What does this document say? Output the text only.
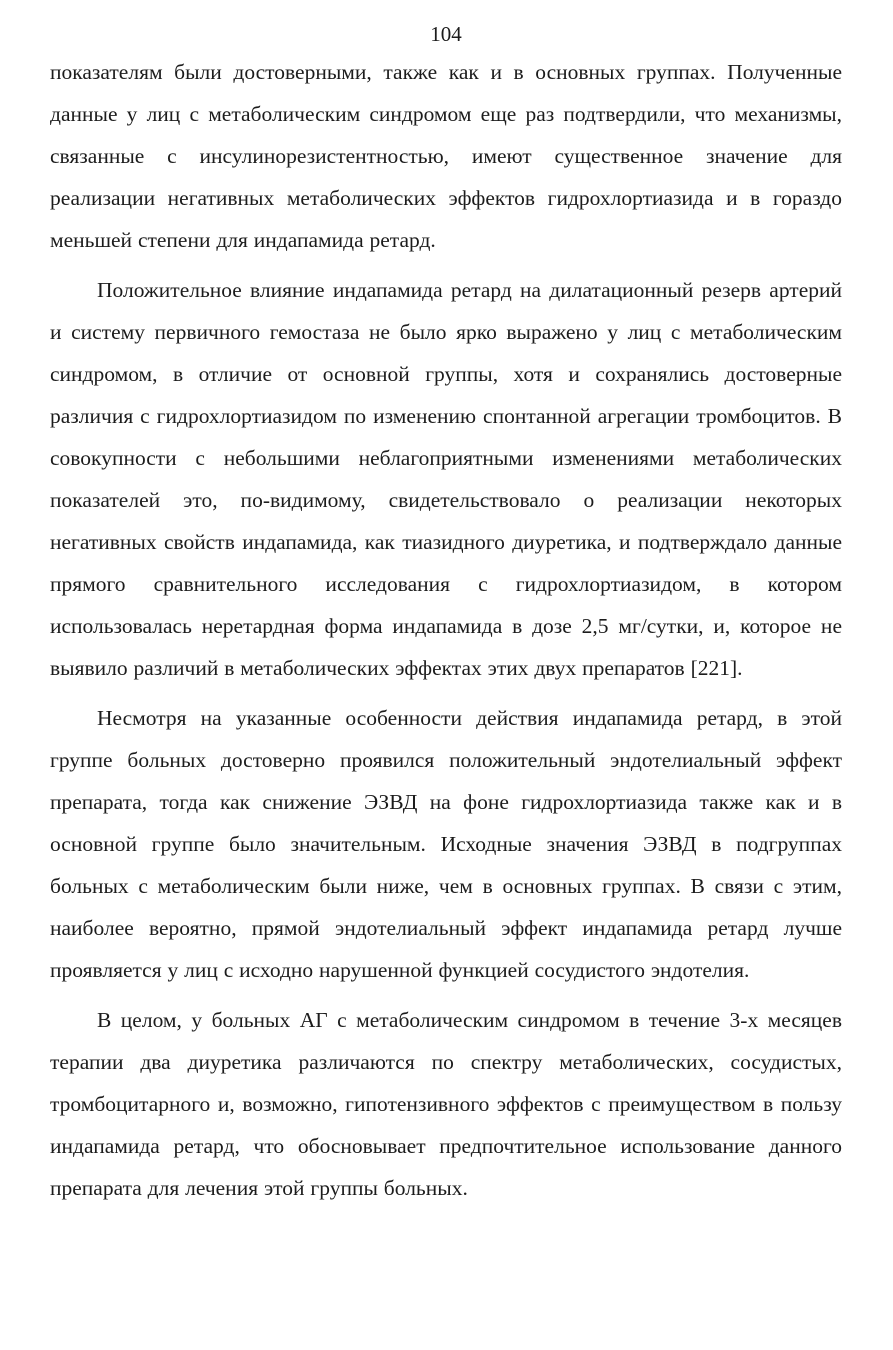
104

показателям были достоверными, также как и в основных группах. Полученные данные у лиц с метаболическим синдромом еще раз подтвердили, что механизмы, связанные с инсулинорезистентностью, имеют существенное значение для реализации негативных метаболических эффектов гидрохлортиазида и в гораздо меньшей степени для индапамида ретард.

Положительное влияние индапамида ретард на дилатационный резерв артерий и систему первичного гемостаза не было ярко выражено у лиц с метаболическим синдромом, в отличие от основной группы, хотя и сохранялись достоверные различия с гидрохлортиазидом по изменению спонтанной агрегации тромбоцитов. В совокупности с небольшими неблагоприятными изменениями метаболических показателей это, по-видимому, свидетельствовало о реализации некоторых негативных свойств индапамида, как тиазидного диуретика, и подтверждало данные прямого сравнительного исследования с гидрохлортиазидом, в котором использовалась неретардная форма индапамида в дозе 2,5 мг/сутки, и, которое не выявило различий в метаболических эффектах этих двух препаратов [221].

Несмотря на указанные особенности действия индапамида ретард, в этой группе больных достоверно проявился положительный эндотелиальный эффект препарата, тогда как снижение ЭЗВД на фоне гидрохлортиазида также как и в основной группе было значительным. Исходные значения ЭЗВД в подгруппах больных с метаболическим были ниже, чем в основных группах. В связи с этим, наиболее вероятно, прямой эндотелиальный эффект индапамида ретард лучше проявляется у лиц с исходно нарушенной функцией сосудистого эндотелия.

В целом, у больных АГ с метаболическим синдромом в течение 3-х месяцев терапии два диуретика различаются по спектру метаболических, сосудистых, тромбоцитарного и, возможно, гипотензивного эффектов с преимуществом в пользу индапамида ретард, что обосновывает предпочтительное использование данного препарата для лечения этой группы больных.
